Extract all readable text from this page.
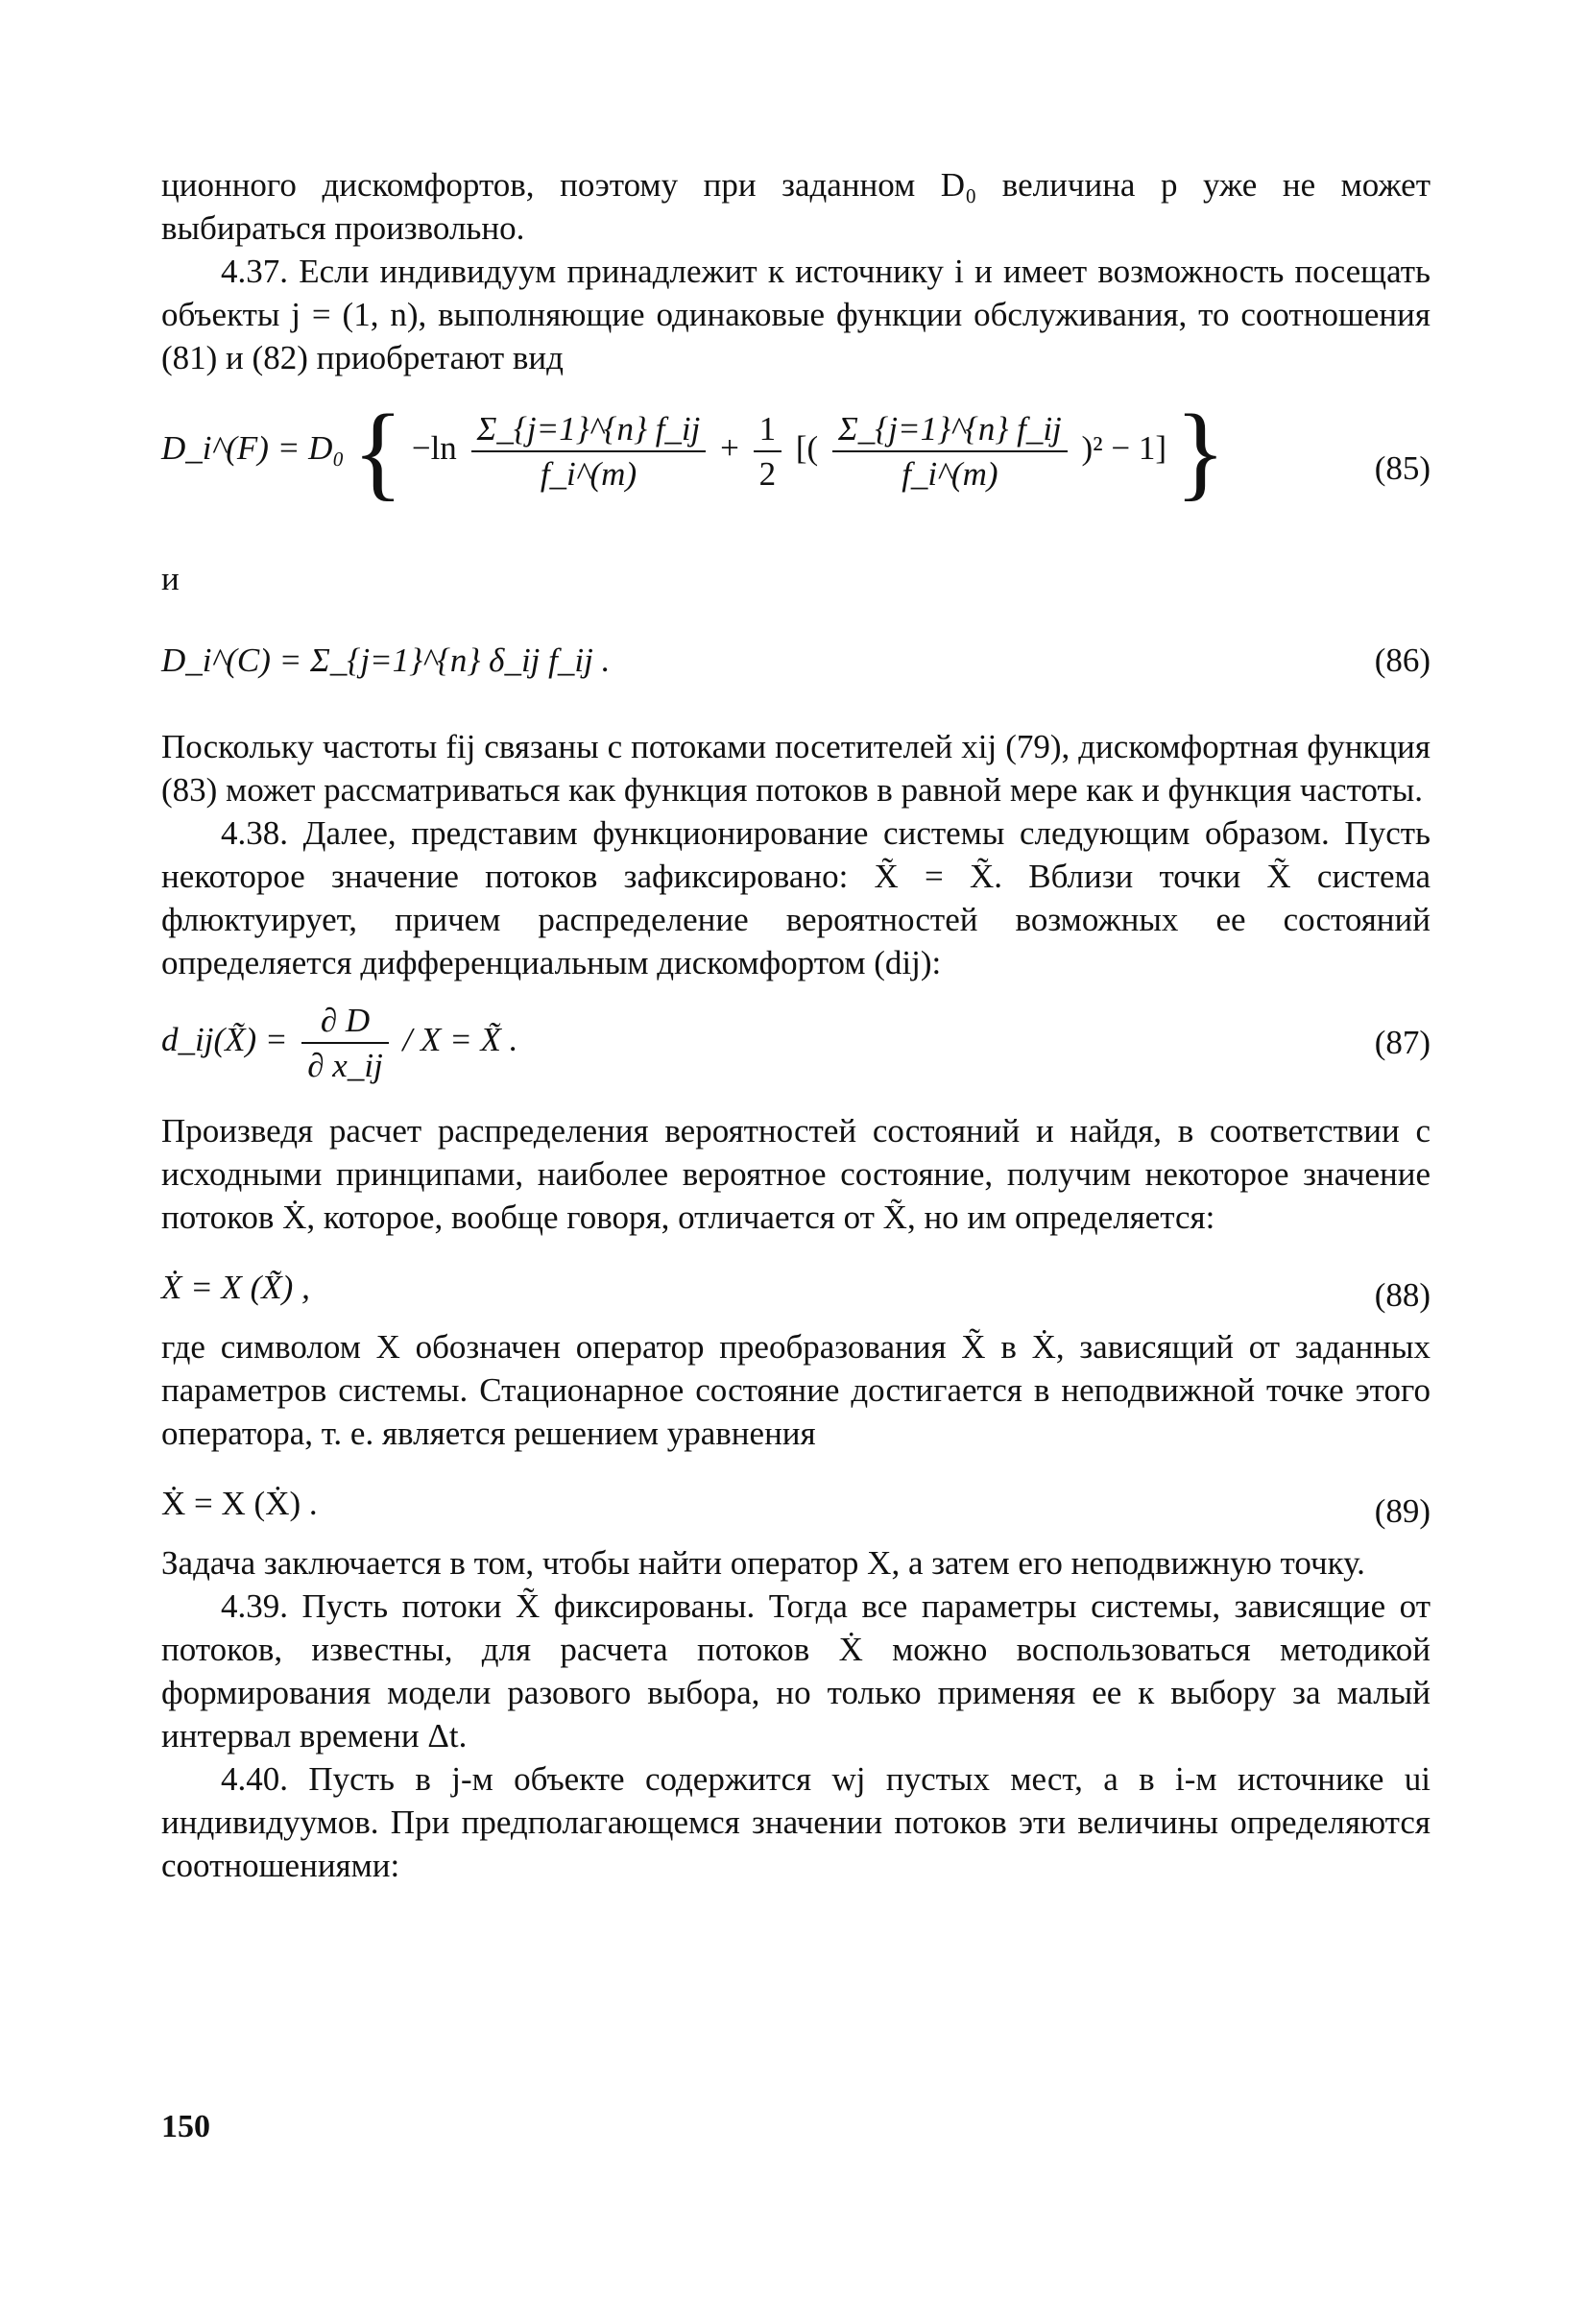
ционного дискомфортов, поэтому при заданном D₀ величина p уже не может выбираться произвольно.

4.37. Если индивидуум принадлежит к источнику i и имеет возможность посещать объекты j = (1, n), выполняющие одинаковые функции обслуживания, то соотношения (81) и (82) приобретают вид

D_i^(F) = D₀ { $-\ln \frac{\Sigma\_\{j=1\}\^{}\{n\} f\_ij}{f\_i\^{}(m)} + \frac{1}{2}$ [( $\frac{\Sigma\_\{j=1\}\^{}\{n\} f\_ij}{f\_i\^{}(m)} )^2 - 1$] }	(85)

и

D_i^(C) = Σ_{j=1}^{n} δ_ij f_ij .	(86)

Поскольку частоты fij связаны с потоками посетителей xij (79), дискомфортная функция (83) может рассматриваться как функция потоков в равной мере как и функция частоты.

4.38. Далее, представим функционирование системы следующим образом. Пусть некоторое значение потоков зафиксировано: X̃ = X̃. Вблизи точки X̃ система флюктуирует, причем распределение вероятностей возможных ее состояний определяется дифференциальным дискомфортом (dij):

d_ij(X̃) = $\frac{\partial D}{\partial x\_ij}$ / X = X̃ .	(87)

Произведя расчет распределения вероятностей состояний и найдя, в соответствии с исходными принципами, наиболее вероятное состояние, получим некоторое значение потоков Ẋ, которое, вообще говоря, отличается от X̃, но им определяется:

Ẋ = Χ (X̃) ,	(88)

где символом Χ обозначен оператор преобразования X̃ в Ẋ, зависящий от заданных параметров системы. Стационарное состояние достигается в неподвижной точке этого оператора, т. е. является решением уравнения

Ẋ = Χ (Ẋ) .	(89)

Задача заключается в том, чтобы найти оператор Χ, а затем его неподвижную точку.

4.39. Пусть потоки X̃ фиксированы. Тогда все параметры системы, зависящие от потоков, известны, для расчета потоков Ẋ можно воспользоваться методикой формирования модели разового выбора, но только применяя ее к выбору за малый интервал времени Δt.

4.40. Пусть в j-м объекте содержится wj пустых мест, а в i-м источнике ui индивидуумов. При предполагающемся значении потоков эти величины определяются соотношениями:

150
